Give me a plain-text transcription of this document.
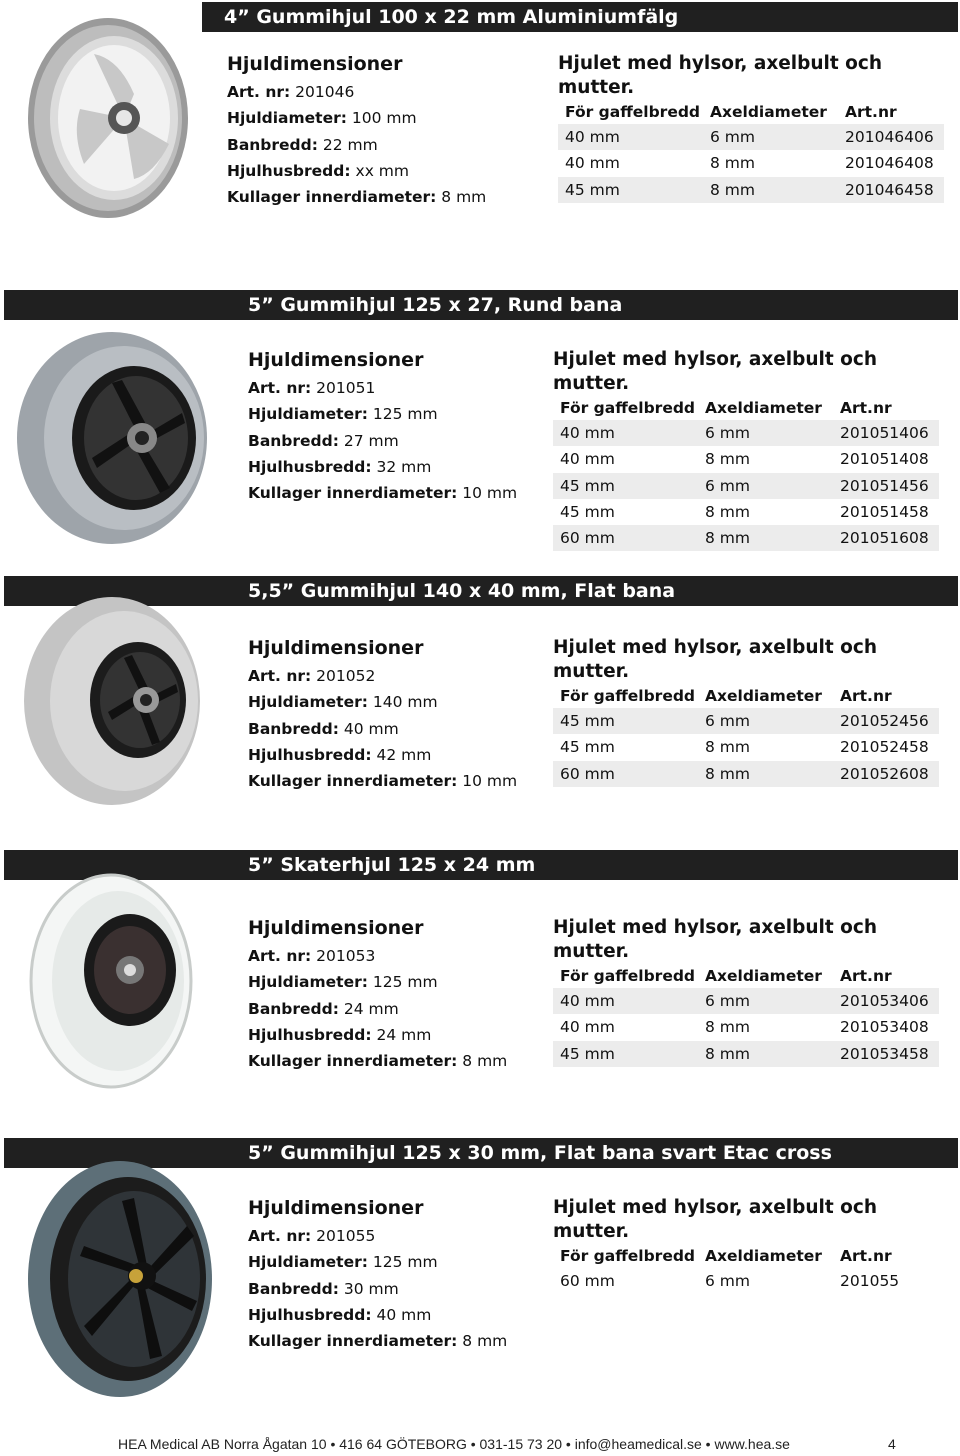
4” Gummihjul 100 x 22 mm Aluminiumfälg
Hjuldimensioner
Art. nr: 201046
Hjuldiameter: 100 mm
Banbredd: 22 mm
Hjulhusbredd: xx mm
Kullager innerdiameter: 8 mm
Hjulet med hylsor, axelbult och mutter.
För gaffelbredd	Axeldiameter	Art.nr
40 mm	6 mm	201046406
40 mm	8 mm	201046408
45 mm	8 mm	201046458
5” Gummihjul 125 x 27, Rund bana
Hjuldimensioner
Art. nr: 201051
Hjuldiameter: 125 mm
Banbredd: 27 mm
Hjulhusbredd: 32 mm
Kullager innerdiameter: 10 mm
Hjulet med hylsor, axelbult och mutter.
För gaffelbredd	Axeldiameter	Art.nr
40 mm	6 mm	201051406
40 mm	8 mm	201051408
45 mm	6 mm	201051456
45 mm	8 mm	201051458
60 mm	8 mm	201051608
5,5” Gummihjul 140 x 40 mm, Flat bana
Hjuldimensioner
Art. nr: 201052
Hjuldiameter: 140 mm
Banbredd: 40 mm
Hjulhusbredd: 42 mm
Kullager innerdiameter: 10 mm
Hjulet med hylsor, axelbult och mutter.
För gaffelbredd	Axeldiameter	Art.nr
45 mm	6 mm	201052456
45 mm	8 mm	201052458
60 mm	8 mm	201052608
5” Skaterhjul 125 x 24 mm
Hjuldimensioner
Art. nr: 201053
Hjuldiameter: 125 mm
Banbredd: 24 mm
Hjulhusbredd: 24 mm
Kullager innerdiameter: 8 mm
Hjulet med hylsor, axelbult och mutter.
För gaffelbredd	Axeldiameter	Art.nr
40 mm	6 mm	201053406
40 mm	8 mm	201053408
45 mm	8 mm	201053458
5” Gummihjul 125 x 30 mm, Flat bana svart Etac cross
Hjuldimensioner
Art. nr: 201055
Hjuldiameter: 125 mm
Banbredd: 30 mm
Hjulhusbredd: 40 mm
Kullager innerdiameter: 8 mm
Hjulet med hylsor, axelbult och mutter.
För gaffelbredd	Axeldiameter	Art.nr
60 mm	6 mm	201055
HEA Medical AB Norra Ågatan 10 • 416 64 GÖTEBORG • 031-15 73 20 • info@heamedical.se • www.hea.se	4
